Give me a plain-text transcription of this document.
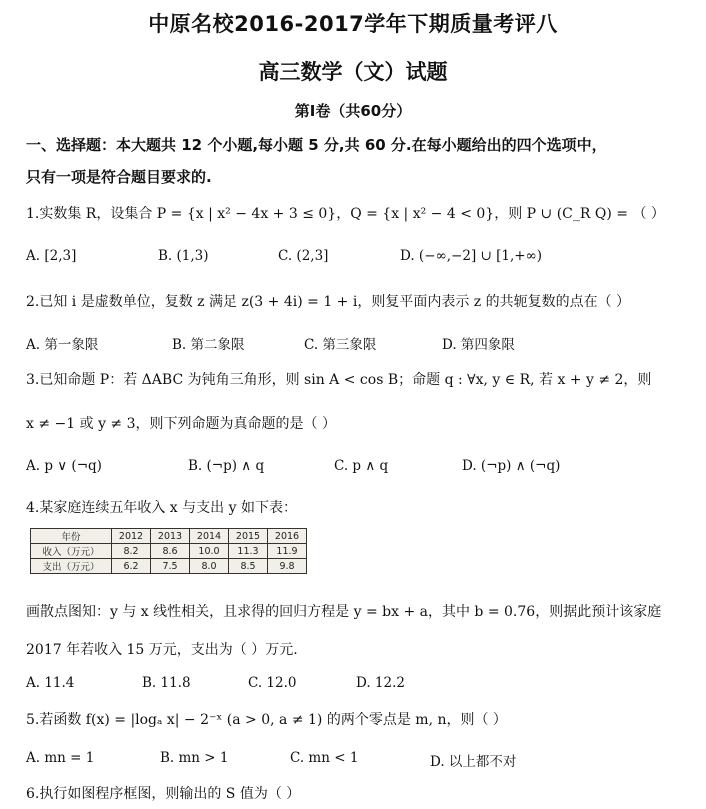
中原名校2016-2017学年下期质量考评八
高三数学（文）试题
第Ⅰ卷（共60分）
一、选择题：本大题共 12 个小题,每小题 5 分,共 60 分.在每小题给出的四个选项中，
只有一项是符合题目要求的.
1.实数集 R，设集合 P = {x | x² − 4x + 3 ≤ 0}，Q = {x | x² − 4 < 0}，则 P ∪ (C_R Q) = （ ）
A. [2,3]	B. (1,3)	C. (2,3]	D. (−∞,−2] ∪ [1,+∞)
2.已知 i 是虚数单位，复数 z 满足 z(3 + 4i) = 1 + i，则复平面内表示 z 的共轭复数的点在（ ）
A. 第一象限	B. 第二象限	C. 第三象限	D. 第四象限
3.已知命题 P：若 ΔABC 为钝角三角形，则 sin A < cos B；命题 q : ∀x, y ∈ R, 若 x + y ≠ 2，则
x ≠ −1 或 y ≠ 3，则下列命题为真命题的是（ ）
A. p ∨ (¬q)	B. (¬p) ∧ q	C. p ∧ q	D. (¬p) ∧ (¬q)
4.某家庭连续五年收入 x 与支出 y 如下表：
年份	2012	2013	2014	2015	2016
收入（万元）	8.2	8.6	10.0	11.3	11.9
支出（万元）	6.2	7.5	8.0	8.5	9.8
画散点图知：y 与 x 线性相关，且求得的回归方程是 y = bx + a，其中 b = 0.76，则据此预计该家庭
2017 年若收入 15 万元，支出为（ ）万元.
A. 11.4	B. 11.8	C. 12.0	D. 12.2
5.若函数 f(x) = |logₐ x| − 2⁻ˣ (a > 0, a ≠ 1) 的两个零点是 m, n，则（ ）
A. mn = 1	B. mn > 1	C. mn < 1	D. 以上都不对
6.执行如图程序框图，则输出的 S 值为（ ）
